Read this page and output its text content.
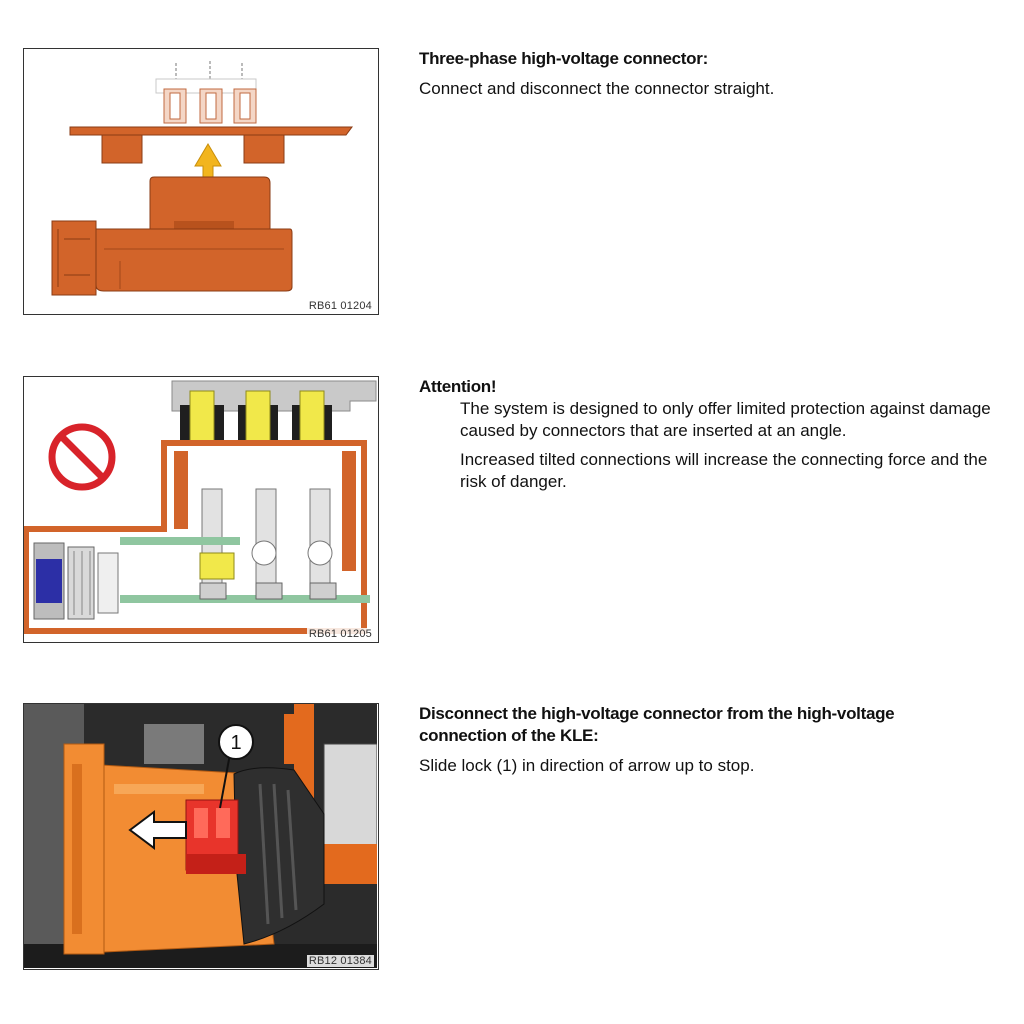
RB61 01204

Three-phase high-voltage connector:

Connect and disconnect the connector straight.

RB61 01205

Attention!

The system is designed to only offer limited protection against damage caused by connectors that are inserted at an angle.

Increased tilted connections will increase the connecting force and the risk of danger.

1
RB12 01384

Disconnect the high-voltage connector from the high-voltage connection of the KLE:

Slide lock (1) in direction of arrow up to stop.
